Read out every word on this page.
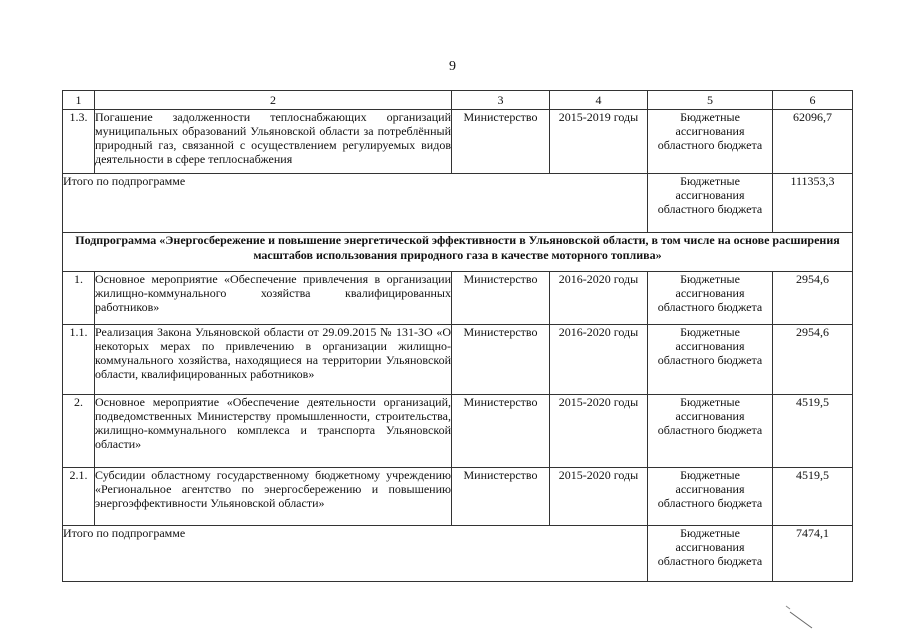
9
1	2	3	4	5	6
1.3.	Погашение задолженности теплоснабжающих организаций муниципальных образований Ульяновской области за потреблённый природный газ, связанной с осуществлением регулируемых видов деятельности в сфере теплоснабжения	Министерство	2015-2019 годы	Бюджетные ассигнования областного бюджета	62096,7
Итого по подпрограмме				Бюджетные ассигнования областного бюджета	111353,3
Подпрограмма «Энергосбережение и повышение энергетической эффективности в Ульяновской области, в том числе на основе расширения масштабов использования природного газа в качестве моторного топлива»					
1.	Основное мероприятие «Обеспечение привлечения в организации жилищно-коммунального хозяйства квалифицированных работников»	Министерство	2016-2020 годы	Бюджетные ассигнования областного бюджета	2954,6
1.1.	Реализация Закона Ульяновской области от 29.09.2015 № 131-ЗО «О некоторых мерах по привлечению в организации жилищно-коммунального хозяйства, находящиеся на территории Ульяновской области, квалифицированных работников»	Министерство	2016-2020 годы	Бюджетные ассигнования областного бюджета	2954,6
2.	Основное мероприятие «Обеспечение деятельности организаций, подведомственных Министерству промышленности, строительства, жилищно-коммунального комплекса и транспорта Ульяновской области»	Министерство	2015-2020 годы	Бюджетные ассигнования областного бюджета	4519,5
2.1.	Субсидии областному государственному бюджетному учреждению «Региональное агентство по энергосбережению и повышению энергоэффективности Ульяновской области»	Министерство	2015-2020 годы	Бюджетные ассигнования областного бюджета	4519,5
Итого по подпрограмме				Бюджетные ассигнования областного бюджета	7474,1
